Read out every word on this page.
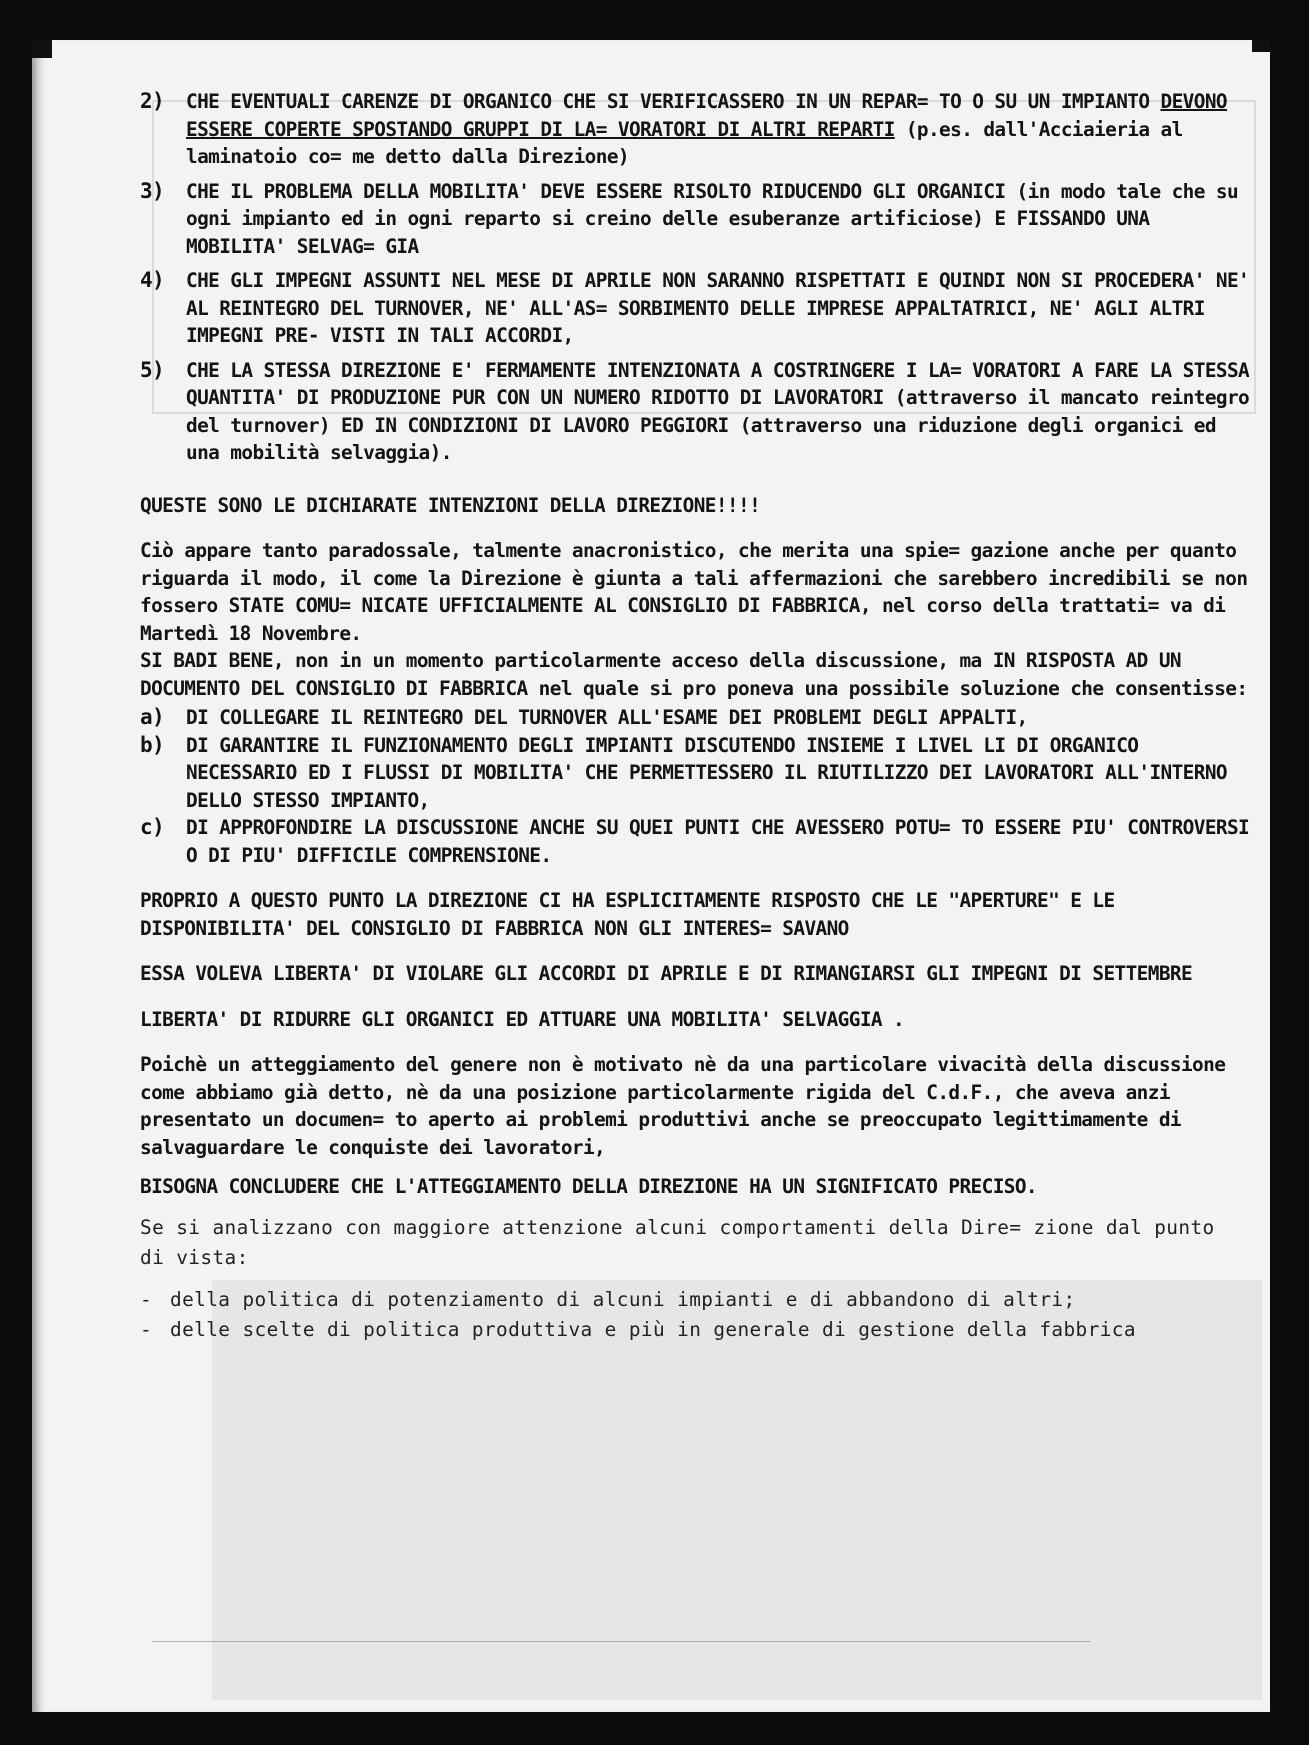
2)	CHE EVENTUALI CARENZE DI ORGANICO CHE SI VERIFICASSERO IN UN REPAR= TO O SU UN IMPIANTO DEVONO ESSERE COPERTE SPOSTANDO GRUPPI DI LA= VORATORI DI ALTRI REPARTI (p.es. dall'Acciaieria al laminatoio co= me detto dalla Direzione)
3)	CHE IL PROBLEMA DELLA MOBILITA' DEVE ESSERE RISOLTO RIDUCENDO GLI ORGANICI (in modo tale che su ogni impianto ed in ogni reparto si creino delle esuberanze artificiose) E FISSANDO UNA MOBILITA' SELVAG= GIA
4)	CHE GLI IMPEGNI ASSUNTI NEL MESE DI APRILE NON SARANNO RISPETTATI E QUINDI NON SI PROCEDERA' NE' AL REINTEGRO DEL TURNOVER, NE' ALL'AS= SORBIMENTO DELLE IMPRESE APPALTATRICI, NE' AGLI ALTRI IMPEGNI PRE- VISTI IN TALI ACCORDI,
5)	CHE LA STESSA DIREZIONE E' FERMAMENTE INTENZIONATA A COSTRINGERE I LA= VORATORI A FARE LA STESSA QUANTITA' DI PRODUZIONE PUR CON UN NUMERO RIDOTTO DI LAVORATORI (attraverso il mancato reintegro del turnover) ED IN CONDIZIONI DI LAVORO PEGGIORI (attraverso una riduzione degli organici ed una mobilità selvaggia).

QUESTE SONO LE DICHIARATE INTENZIONI DELLA DIREZIONE!!!!

Ciò appare tanto paradossale, talmente anacronistico, che merita una spie= gazione anche per quanto riguarda il modo, il come la Direzione è giunta a tali affermazioni che sarebbero incredibili se non fossero STATE COMU= NICATE UFFICIALMENTE AL CONSIGLIO DI FABBRICA, nel corso della trattati= va di Martedì 18 Novembre.

SI BADI BENE, non in un momento particolarmente acceso della discussione, ma IN RISPOSTA AD UN DOCUMENTO DEL CONSIGLIO DI FABBRICA nel quale si pro poneva una possibile soluzione che consentisse:

a)	DI COLLEGARE IL REINTEGRO DEL TURNOVER ALL'ESAME DEI PROBLEMI DEGLI APPALTI,
b)	DI GARANTIRE IL FUNZIONAMENTO DEGLI IMPIANTI DISCUTENDO INSIEME I LIVEL LI DI ORGANICO NECESSARIO ED I FLUSSI DI MOBILITA' CHE PERMETTESSERO IL RIUTILIZZO DEI LAVORATORI ALL'INTERNO DELLO STESSO IMPIANTO,
c)	DI APPROFONDIRE LA DISCUSSIONE ANCHE SU QUEI PUNTI CHE AVESSERO POTU= TO ESSERE PIU' CONTROVERSI O DI PIU' DIFFICILE COMPRENSIONE.

PROPRIO A QUESTO PUNTO LA DIREZIONE CI HA ESPLICITAMENTE RISPOSTO CHE LE "APERTURE" E LE DISPONIBILITA' DEL CONSIGLIO DI FABBRICA NON GLI INTERES= SAVANO

ESSA VOLEVA LIBERTA' DI VIOLARE GLI ACCORDI DI APRILE E DI RIMANGIARSI GLI IMPEGNI DI SETTEMBRE

LIBERTA' DI RIDURRE GLI ORGANICI ED ATTUARE UNA MOBILITA' SELVAGGIA .

Poichè un atteggiamento del genere non è motivato nè da una particolare vivacità della discussione come abbiamo già detto, nè da una posizione particolarmente rigida del C.d.F., che aveva anzi presentato un documen= to aperto ai problemi produttivi anche se preoccupato legittimamente di salvaguardare le conquiste dei lavoratori,

BISOGNA CONCLUDERE CHE L'ATTEGGIAMENTO DELLA DIREZIONE HA UN SIGNIFICATO PRECISO.

Se si analizzano con maggiore attenzione alcuni comportamenti della Dire= zione dal punto di vista:

- della politica di potenziamento di alcuni impianti e di abbandono di altri;
- delle scelte di politica produttiva e più in generale di gestione della fabbrica
